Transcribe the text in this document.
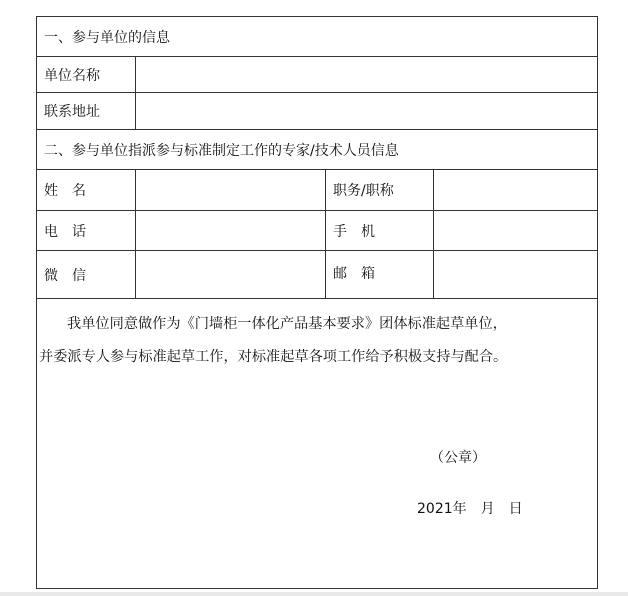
一、参与单位的信息
单位名称
联系地址
二、参与单位指派参与标准制定工作的专家/技术人员信息
姓　名	职务/职称
电　话	手　机
微　信	邮　箱
我单位同意做作为《门墙柜一体化产品基本要求》团体标准起草单位，
并委派专人参与标准起草工作，对标准起草各项工作给予积极支持与配合。
（公章）
2021年　月　日
